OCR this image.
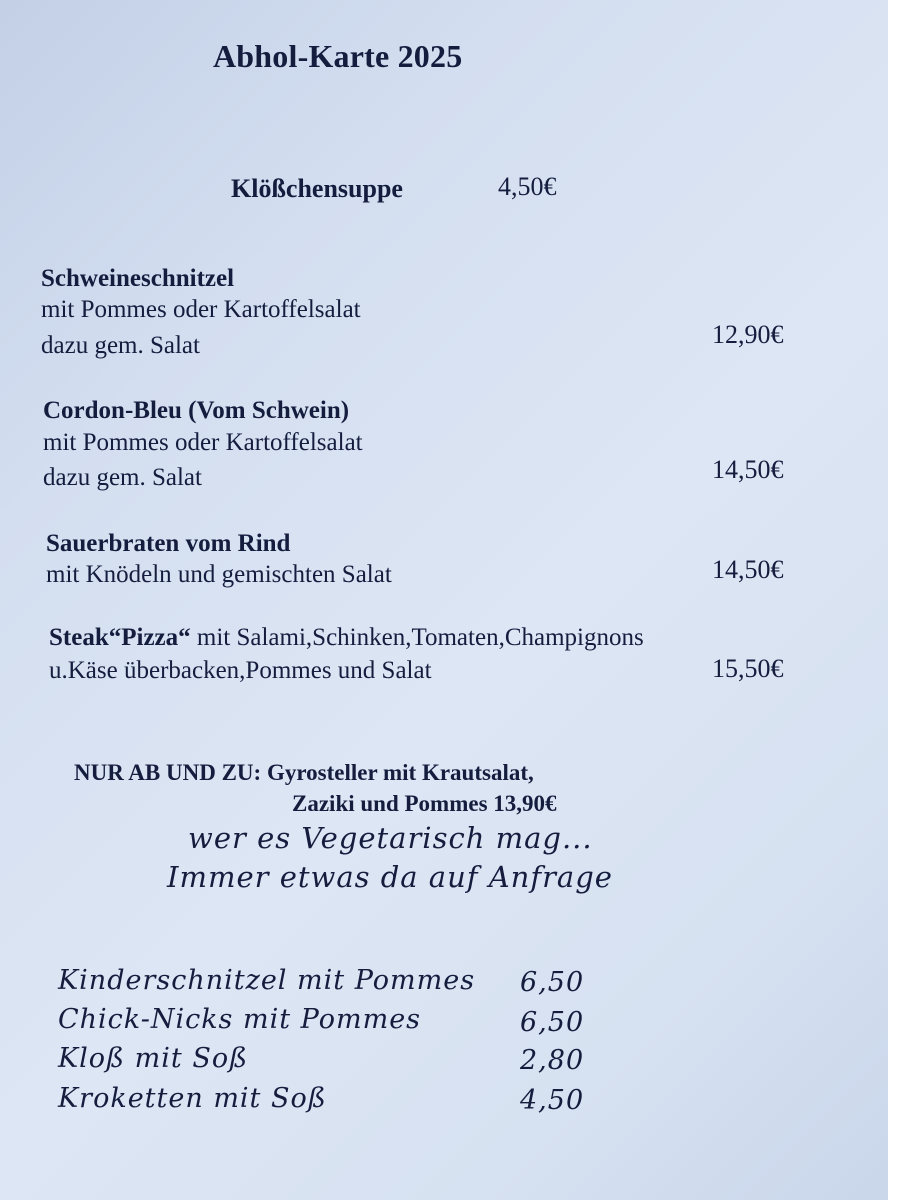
Abhol-Karte 2025
Klößchensuppe	4,50€
Schweineschnitzel
mit Pommes oder Kartoffelsalat
dazu gem. Salat	12,90€
Cordon-Bleu (Vom Schwein)
mit Pommes oder Kartoffelsalat
dazu gem. Salat	14,50€
Sauerbraten vom Rind
mit Knödeln und gemischten Salat	14,50€
Steak“Pizza“ mit Salami,Schinken,Tomaten,Champignons
u.Käse überbacken,Pommes und Salat	15,50€
NUR AB UND ZU: Gyrosteller mit Krautsalat,
Zaziki und Pommes 13,90€
wer es Vegetarisch mag...
Immer etwas da auf Anfrage
Kinderschnitzel mit Pommes 6,50
Chick-Nicks mit Pommes	6,50
Kloß mit Soß	2,80
Kroketten mit Soß	4,50
